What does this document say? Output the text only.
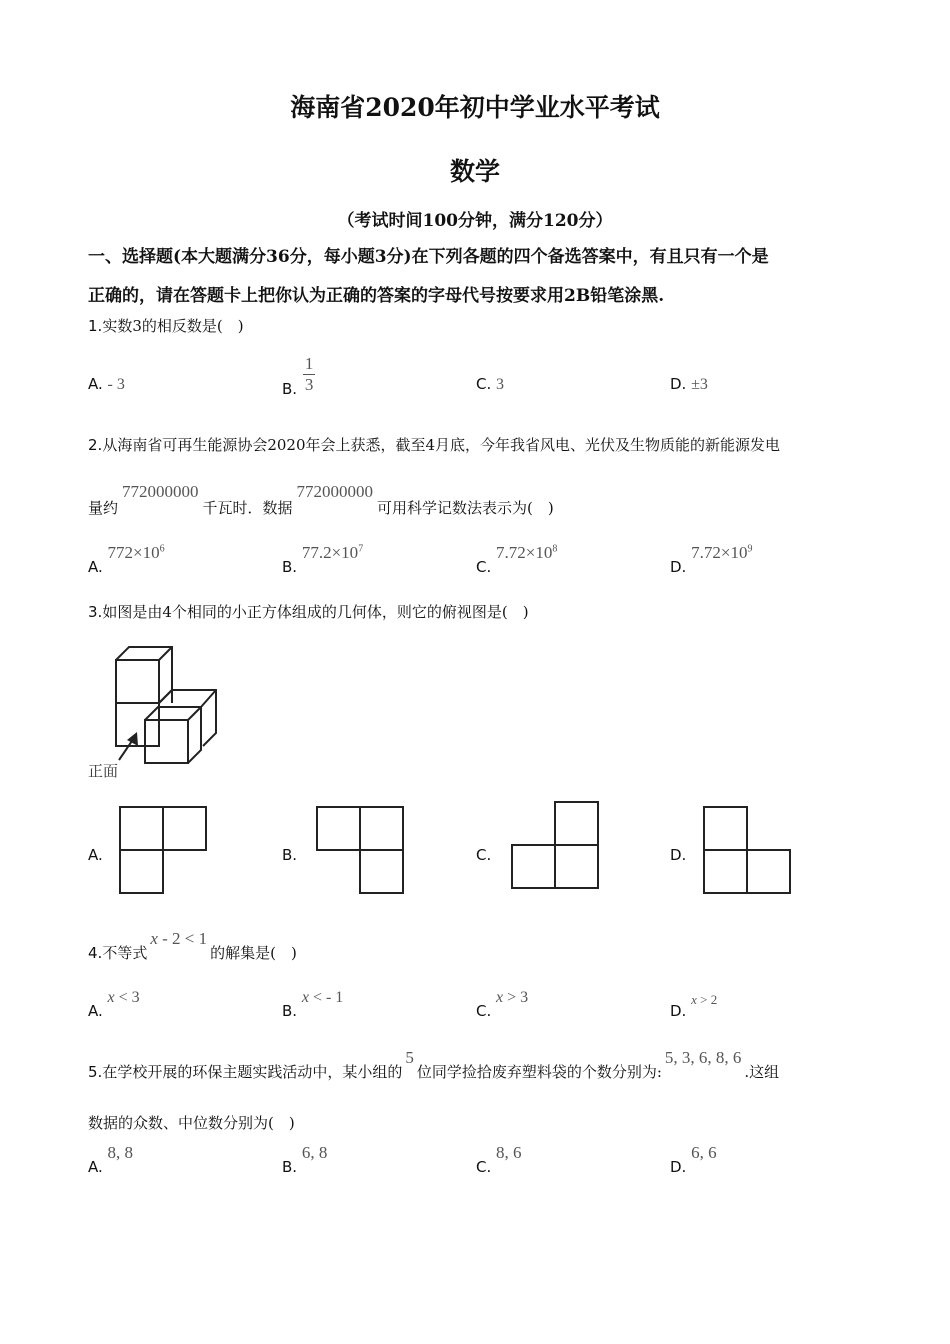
海南省2020年初中学业水平考试
数学
（考试时间100分钟，满分120分）
一、选择题(本大题满分36分，每小题3分)在下列各题的四个备选答案中，有且只有一个是
正确的，请在答题卡上把你认为正确的答案的字母代号按要求用2B铅笔涂黑.
1.实数3的相反数是(　)
A. - 3	B. $\frac{1}{3}$	C. 3	D. ±3
2.从海南省可再生能源协会2020年会上获悉，截至4月底，今年我省风电、光伏及生物质能的新能源发电
量约772000000千瓦时．数据772000000可用科学记数法表示为(　)
A. $772\times 10^6$
B. $77.2\times 10^7$
C. $7.72\times 10^8$
D. $7.72\times 10^9$
3.如图是由4个相同的小正方体组成的几何体，则它的俯视图是(　)
正面
A.	B.	C.	D.
4.不等式x - 2 < 1的解集是(　)
A. x < 3
B. x < - 1
C. x > 3
D. x > 2
5.在学校开展的环保主题实践活动中，某小组的5位同学捡拾废弃塑料袋的个数分别为:5, 3, 6, 8, 6.这组
数据的众数、中位数分别为(　)
A. 8, 8
B. 6, 8
C. 8, 6
D. 6, 6
